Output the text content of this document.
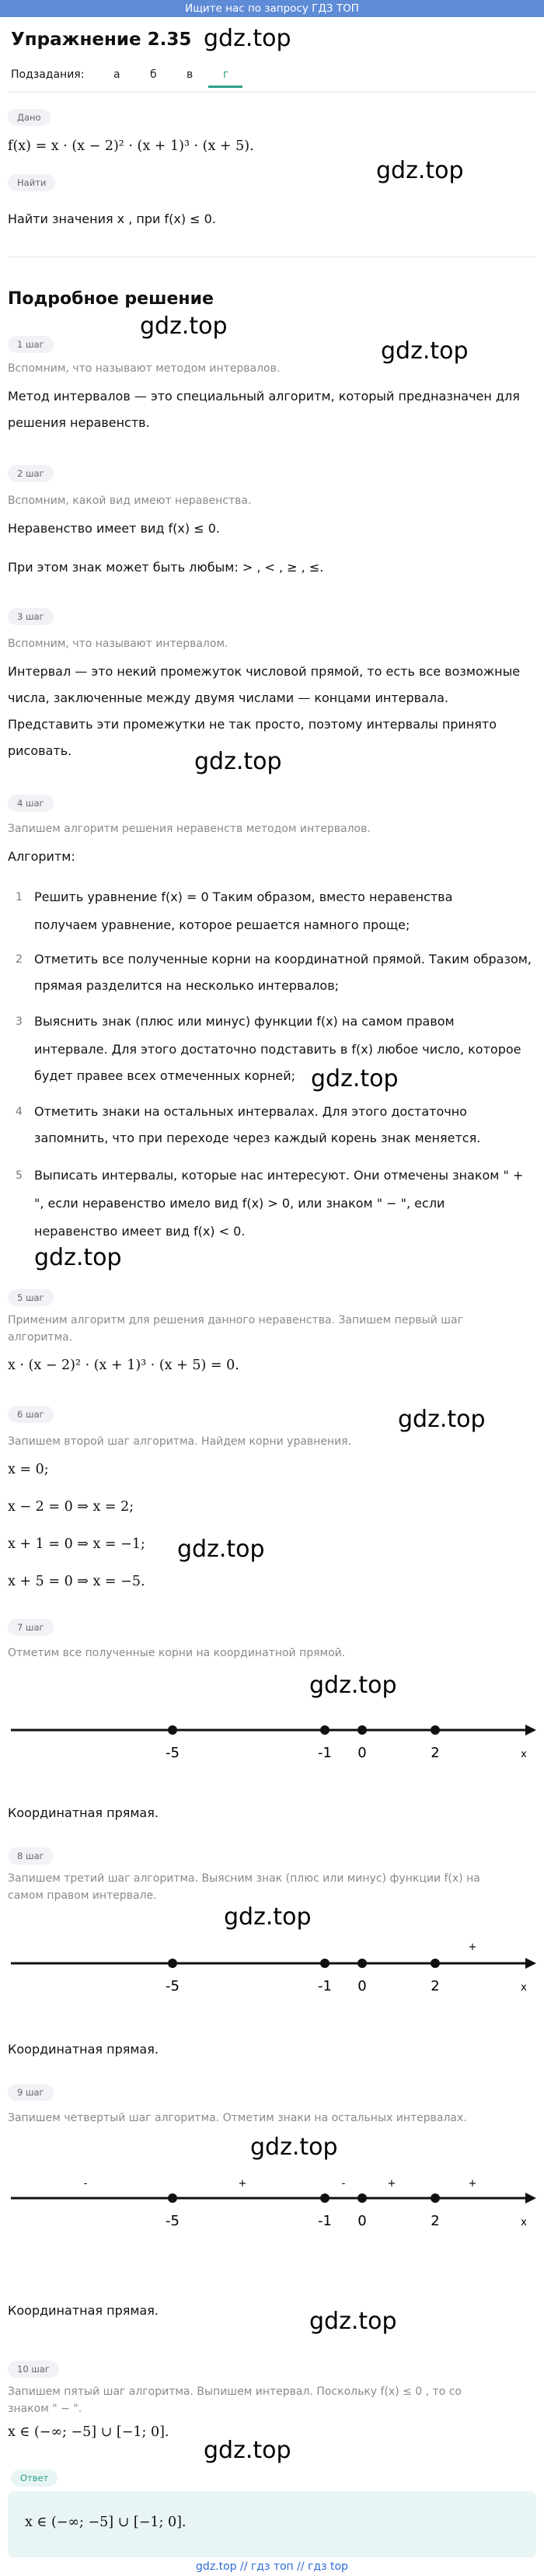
Ищите нас по запросу ГДЗ ТОП
Упражнение 2.35 gdz.top
Подзадания:	а	б	в	г
Дано
f(x) = x · (x − 2)² · (x + 1)³ · (x + 5).
Найти
Найти значения x , при f(x) ≤ 0.
gdz.top
Подробное решение
gdz.top
1 шаг	gdz.top
Вспомним, что называют методом интервалов.
Метод интервалов — это специальный алгоритм, который предназначен для
решения неравенств.
2 шаг
Вспомним, какой вид имеют неравенства.
Неравенство имеет вид f(x) ≤ 0.
При этом знак может быть любым: > , < , ≥ , ≤.
3 шаг
Вспомним, что называют интервалом.
Интервал — это некий промежуток числовой прямой, то есть все возможные
числа, заключенные между двумя числами — концами интервала.
Представить эти промежутки не так просто, поэтому интервалы принято
рисовать.	gdz.top
4 шаг
Запишем алгоритм решения неравенств методом интервалов.
Алгоритм:
1 Решить уравнение f(x) = 0 Таким образом, вместо неравенства
получаем уравнение, которое решается намного проще;
2 Отметить все полученные корни на координатной прямой. Таким образом,
прямая разделится на несколько интервалов;
3 Выяснить знак (плюс или минус) функции f(x) на самом правом
интервале. Для этого достаточно подставить в f(x) любое число, которое
будет правее всех отмеченных корней; gdz.top
4 Отметить знаки на остальных интервалах. Для этого достаточно
запомнить, что при переходе через каждый корень знак меняется.
5 Выписать интервалы, которые нас интересуют. Они отмечены знаком " +
", если неравенство имело вид f(x) > 0, или знаком " − ", если
неравенство имеет вид f(x) < 0.
gdz.top
5 шаг
Применим алгоритм для решения данного неравенства. Запишем первый шаг
алгоритма.
x · (x − 2)² · (x + 1)³ · (x + 5) = 0.
6 шаг	gdz.top
Запишем второй шаг алгоритма. Найдем корни уравнения.
x = 0;
x − 2 = 0 ⇒ x = 2;
x + 1 = 0 ⇒ x = −1; gdz.top
x + 5 = 0 ⇒ x = −5.
7 шаг
Отметим все полученные корни на координатной прямой.
gdz.top
-5	-1 0	2	x
Координатная прямая.
8 шаг
Запишем третий шаг алгоритма. Выясним знак (плюс или минус) функции f(x) на
самом правом интервале.
gdz.top
+
-5	-1 0	2	x
Координатная прямая.
9 шаг
Запишем четвертый шаг алгоритма. Отметим знаки на остальных интервалах.
gdz.top
-	+	-	+	+
-5	-1 0	2	x
Координатная прямая.	gdz.top
10 шаг
Запишем пятый шаг алгоритма. Выпишем интервал. Поскольку f(x) ≤ 0 , то со
знаком " − ".
x ∈ (−∞; −5] ∪ [−1; 0].
gdz.top
Ответ
x ∈ (−∞; −5] ∪ [−1; 0].
gdz.top // гдз топ // гдз top
